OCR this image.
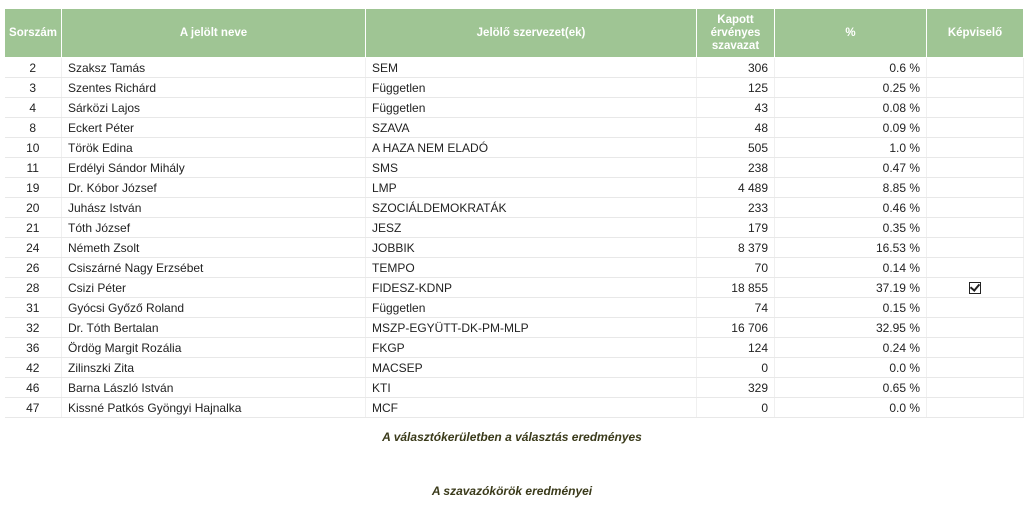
Sorszám	A jelölt neve	Jelölő szervezet(ek)	Kapott
érvényes
szavazat	%	Képviselő
2	Szaksz Tamás	SEM	306	0.6 %	
3	Szentes Richárd	Független	125	0.25 %	
4	Sárközi Lajos	Független	43	0.08 %	
8	Eckert Péter	SZAVA	48	0.09 %	
10	Török Edina	A HAZA NEM ELADÓ	505	1.0 %	
11	Erdélyi Sándor Mihály	SMS	238	0.47 %	
19	Dr. Kóbor József	LMP	4 489	8.85 %	
20	Juhász István	SZOCIÁLDEMOKRATÁK	233	0.46 %	
21	Tóth József	JESZ	179	0.35 %	
24	Németh Zsolt	JOBBIK	8 379	16.53 %	
26	Csiszárné Nagy Erzsébet	TEMPO	70	0.14 %	
28	Csizi Péter	FIDESZ-KDNP	18 855	37.19 %	
31	Gyócsi Győző Roland	Független	74	0.15 %	
32	Dr. Tóth Bertalan	MSZP-EGYÜTT-DK-PM-MLP	16 706	32.95 %	
36	Ördög Margit Rozália	FKGP	124	0.24 %	
42	Zilinszki Zita	MACSEP	0	0.0 %	
46	Barna László István	KTI	329	0.65 %	
47	Kissné Patkós Gyöngyi Hajnalka	MCF	0	0.0 %	
A választókerületben a választás eredményes
A szavazókörök eredményei
